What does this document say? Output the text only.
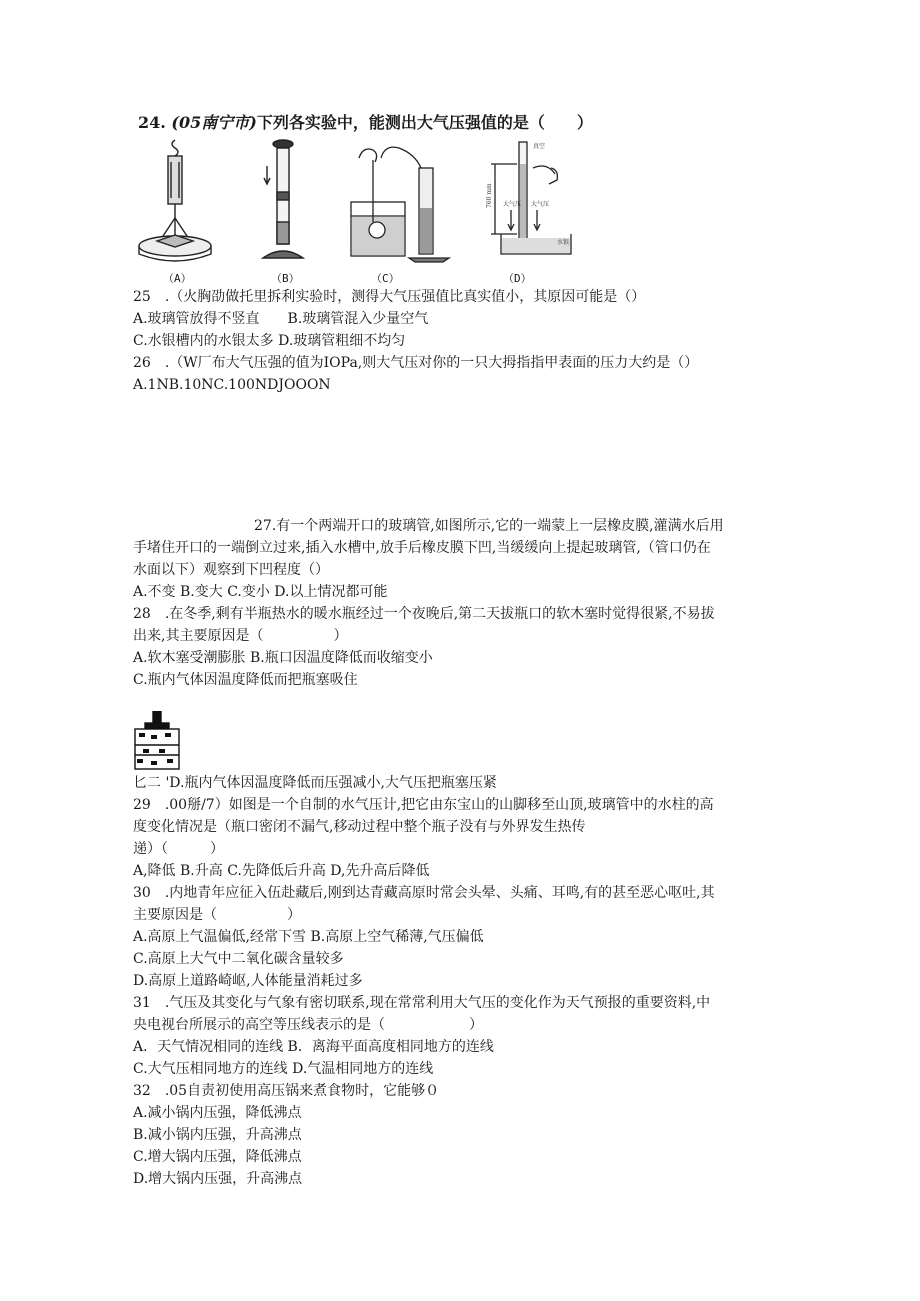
24. (05南宁市)下列各实验中，能测出大气压强值的是（　　）
（A）	（B）	（C）
真空
760 mm 大气压 大气压
水银
（D）
25　.（火胸劭做托里拆利实验时，测得大气压强值比真实值小，其原因可能是（）
A.玻璃管放得不竖直　　B.玻璃管混入少量空气
C.水银槽内的水银太多 D.玻璃管粗细不均匀
26　.（W厂布大气压强的值为IOPa,则大气压对你的一只大拇指指甲表面的压力大约是（）
A.1NB.10NC.100NDJOOON
27.有一个两端开口的玻璃管,如图所示,它的一端蒙上一层橡皮膜,灌满水后用
手堵住开口的一端倒立过来,插入水槽中,放手后橡皮膜下凹,当缓缓向上提起玻璃管,（管口仍在
水面以下）观察到下凹程度（）
A.不变 B.变大 C.变小 D.以上情况都可能
28　.在冬季,剩有半瓶热水的暖水瓶经过一个夜晚后,第二天拔瓶口的软木塞时觉得很紧,不易拔
出来,其主要原因是（　　　　　）
A.软木塞受潮膨胀 B.瓶口因温度降低而收缩变小
C.瓶内气体因温度降低而把瓶塞吸住
匕二 'D.瓶内气体因温度降低而压强减小,大气压把瓶塞压紧
29　.00掰/7）如图是一个自制的水气压计,把它由东宝山的山脚移至山顶,玻璃管中的水柱的高
度变化情况是（瓶口密闭不漏气,移动过程中整个瓶子没有与外界发生热传
递）（　　　）
A,降低 B.升高 C.先降低后升高 D,先升高后降低
30　.内地青年应征入伍赴藏后,刚到达青藏高原时常会头晕、头痛、耳鸣,有的甚至恶心呕吐,其
主要原因是（　　　　　）
A.高原上气温偏低,经常下雪 B.高原上空气稀薄,气压偏低
C.高原上大气中二氧化碳含量较多
D.高原上道路崎岖,人体能量消耗过多
31　.气压及其变化与气象有密切联系,现在常常利用大气压的变化作为天气预报的重要资料,中
央电视台所展示的高空等压线表示的是（　　　　　　）
A．天气情况相同的连线 B．离海平面高度相同地方的连线
C.大气压相同地方的连线 D.气温相同地方的连线
32　.05自责初使用高压锅来煮食物时，它能够０
A.减小锅内压强，降低沸点
B.减小锅内压强，升高沸点
C.增大锅内压强，降低沸点
D.增大锅内压强，升高沸点
